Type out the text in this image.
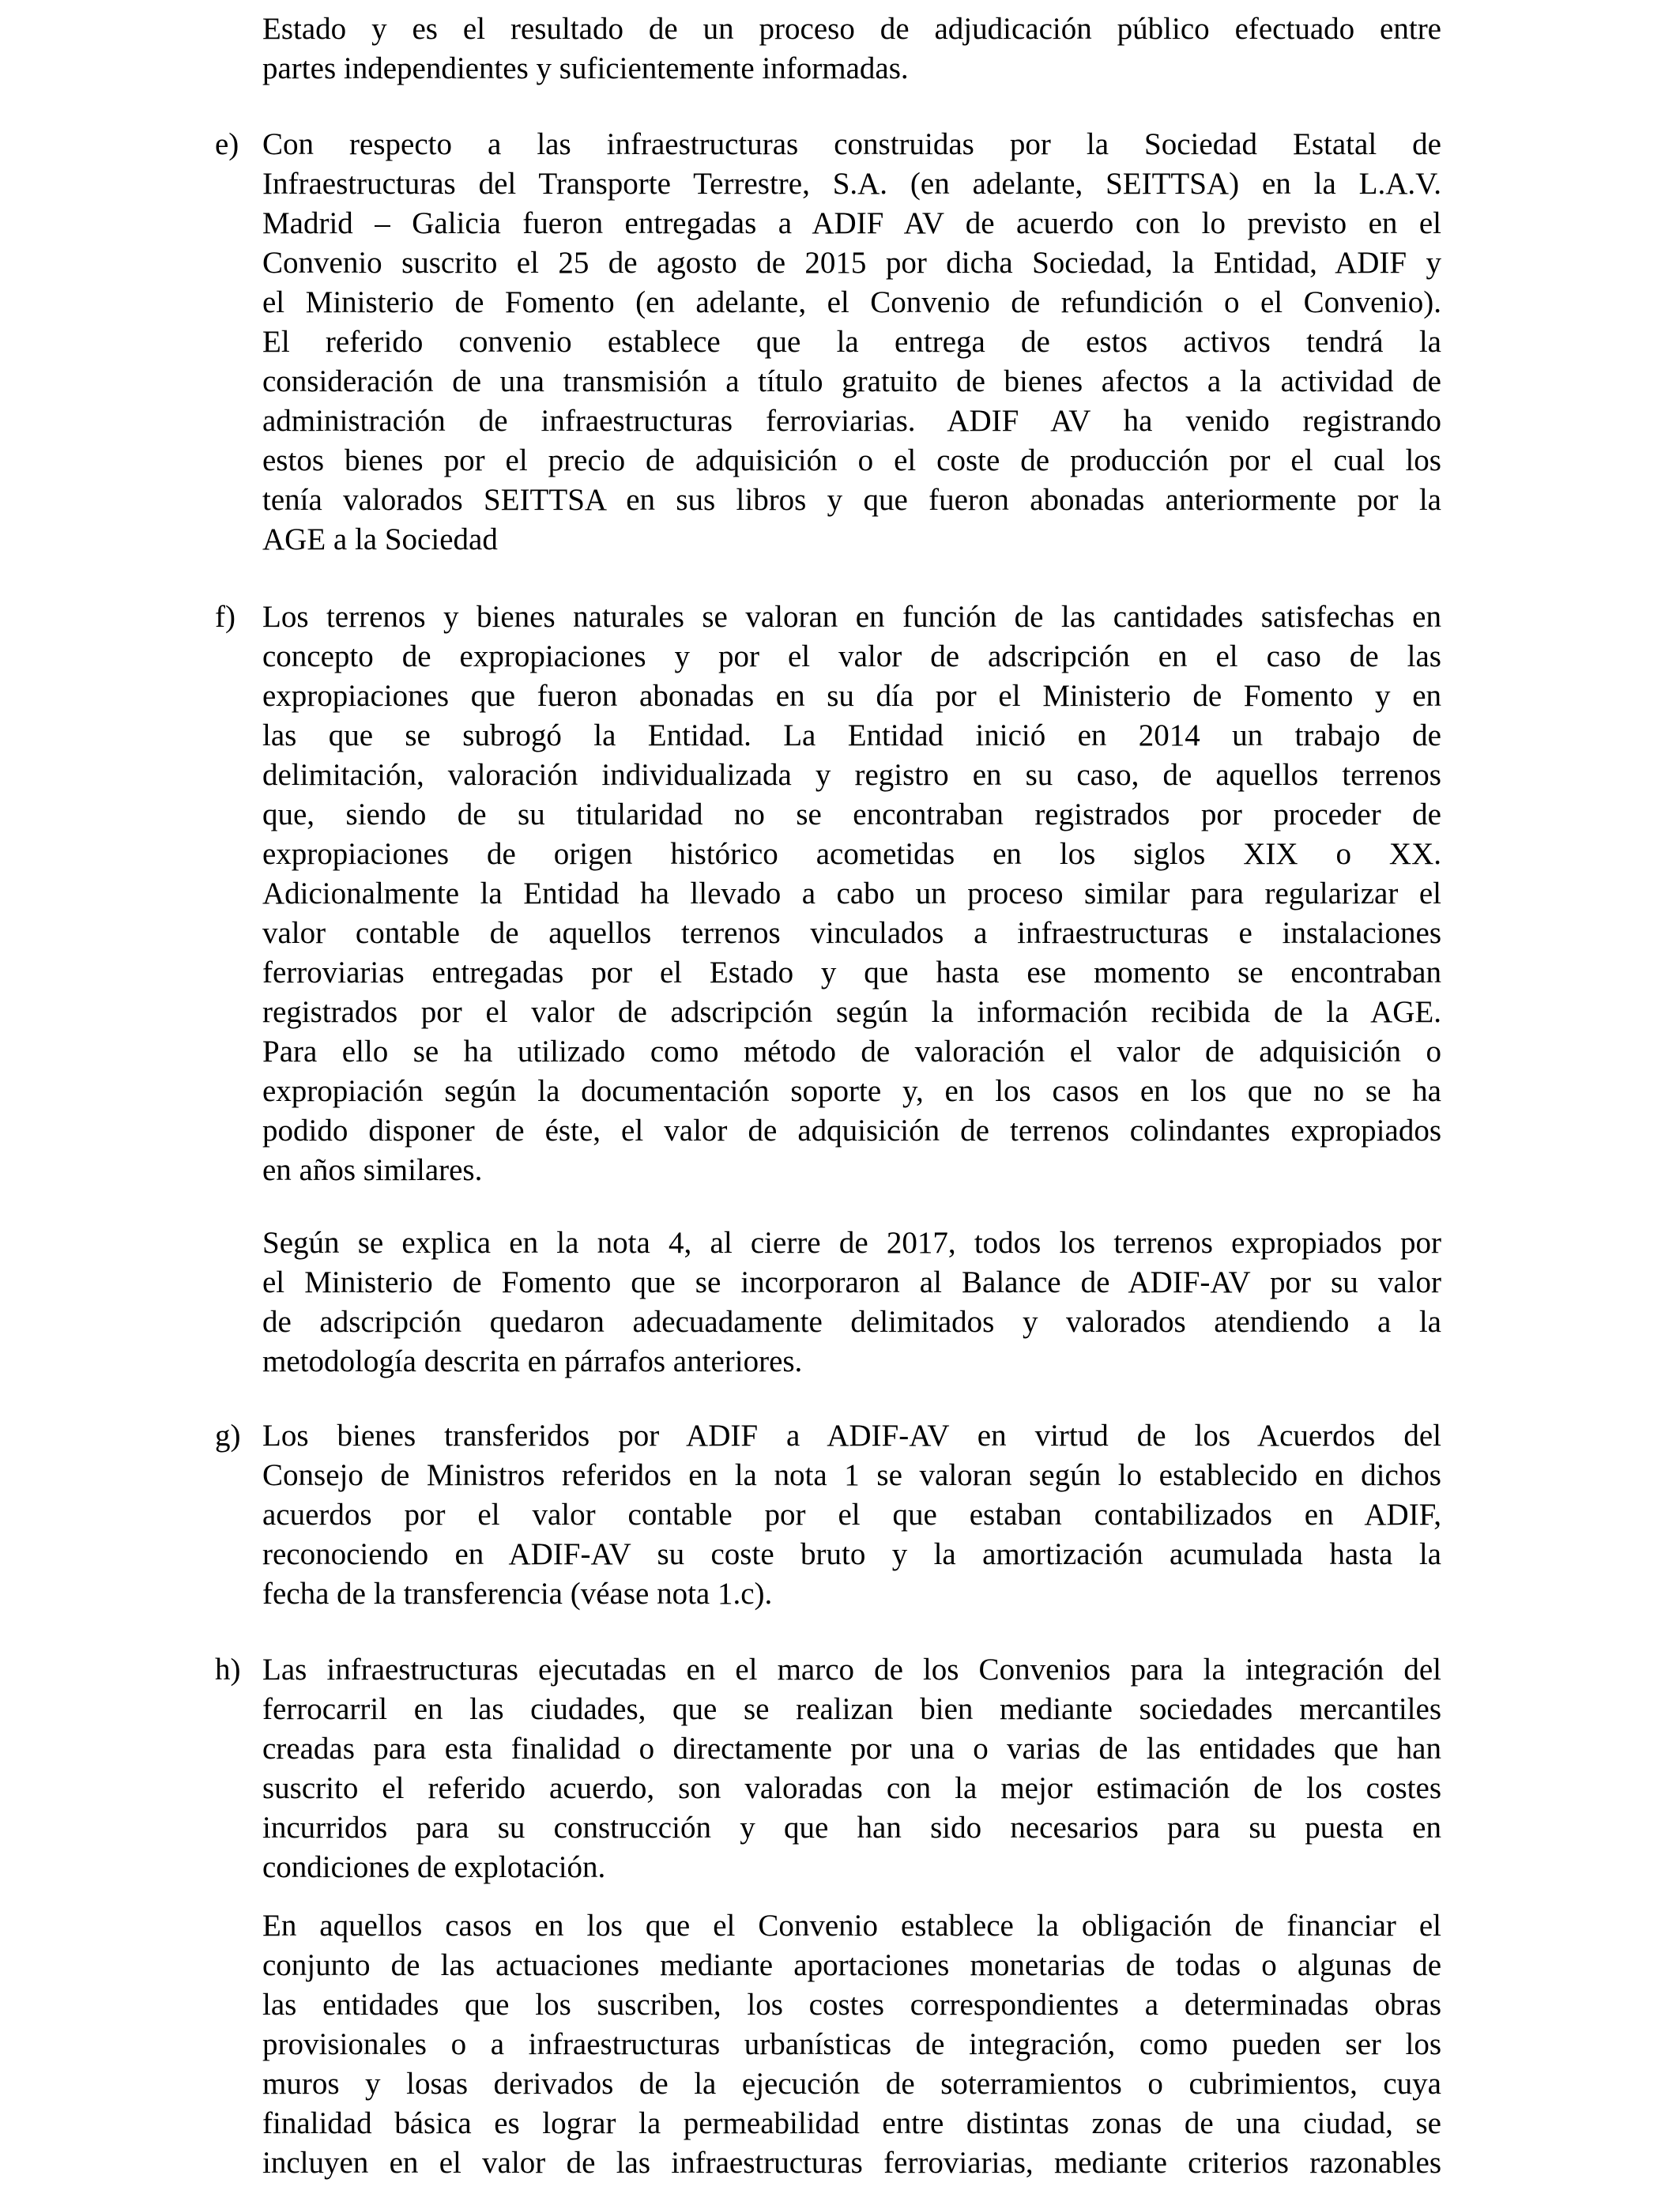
Estado y es el resultado de un proceso de adjudicación público efectuado entre
partes independientes y suficientemente informadas.
e) Con respecto a las infraestructuras construidas por la Sociedad Estatal de
Infraestructuras del Transporte Terrestre, S.A. (en adelante, SEITTSA) en la L.A.V.
Madrid – Galicia fueron entregadas a ADIF AV de acuerdo con lo previsto en el
Convenio suscrito el 25 de agosto de 2015 por dicha Sociedad, la Entidad, ADIF y
el Ministerio de Fomento (en adelante, el Convenio de refundición o el Convenio).
El referido convenio establece que la entrega de estos activos tendrá la
consideración de una transmisión a título gratuito de bienes afectos a la actividad de
administración de infraestructuras ferroviarias. ADIF AV ha venido registrando
estos bienes por el precio de adquisición o el coste de producción por el cual los
tenía valorados SEITTSA en sus libros y que fueron abonadas anteriormente por la
AGE a la Sociedad
f) Los terrenos y bienes naturales se valoran en función de las cantidades satisfechas en
concepto de expropiaciones y por el valor de adscripción en el caso de las
expropiaciones que fueron abonadas en su día por el Ministerio de Fomento y en
las que se subrogó la Entidad. La Entidad inició en 2014 un trabajo de
delimitación, valoración individualizada y registro en su caso, de aquellos terrenos
que, siendo de su titularidad no se encontraban registrados por proceder de
expropiaciones de origen histórico acometidas en los siglos XIX o XX.
Adicionalmente la Entidad ha llevado a cabo un proceso similar para regularizar el
valor contable de aquellos terrenos vinculados a infraestructuras e instalaciones
ferroviarias entregadas por el Estado y que hasta ese momento se encontraban
registrados por el valor de adscripción según la información recibida de la AGE.
Para ello se ha utilizado como método de valoración el valor de adquisición o
expropiación según la documentación soporte y, en los casos en los que no se ha
podido disponer de éste, el valor de adquisición de terrenos colindantes expropiados
en años similares.
Según se explica en la nota 4, al cierre de 2017, todos los terrenos expropiados por
el Ministerio de Fomento que se incorporaron al Balance de ADIF-AV por su valor
de adscripción quedaron adecuadamente delimitados y valorados atendiendo a la
metodología descrita en párrafos anteriores.
g) Los bienes transferidos por ADIF a ADIF-AV en virtud de los Acuerdos del
Consejo de Ministros referidos en la nota 1 se valoran según lo establecido en dichos
acuerdos por el valor contable por el que estaban contabilizados en ADIF,
reconociendo en ADIF-AV su coste bruto y la amortización acumulada hasta la
fecha de la transferencia (véase nota 1.c).
h) Las infraestructuras ejecutadas en el marco de los Convenios para la integración del
ferrocarril en las ciudades, que se realizan bien mediante sociedades mercantiles
creadas para esta finalidad o directamente por una o varias de las entidades que han
suscrito el referido acuerdo, son valoradas con la mejor estimación de los costes
incurridos para su construcción y que han sido necesarios para su puesta en
condiciones de explotación.
En aquellos casos en los que el Convenio establece la obligación de financiar el
conjunto de las actuaciones mediante aportaciones monetarias de todas o algunas de
las entidades que los suscriben, los costes correspondientes a determinadas obras
provisionales o a infraestructuras urbanísticas de integración, como pueden ser los
muros y losas derivados de la ejecución de soterramientos o cubrimientos, cuya
finalidad básica es lograr la permeabilidad entre distintas zonas de una ciudad, se
incluyen en el valor de las infraestructuras ferroviarias, mediante criterios razonables
